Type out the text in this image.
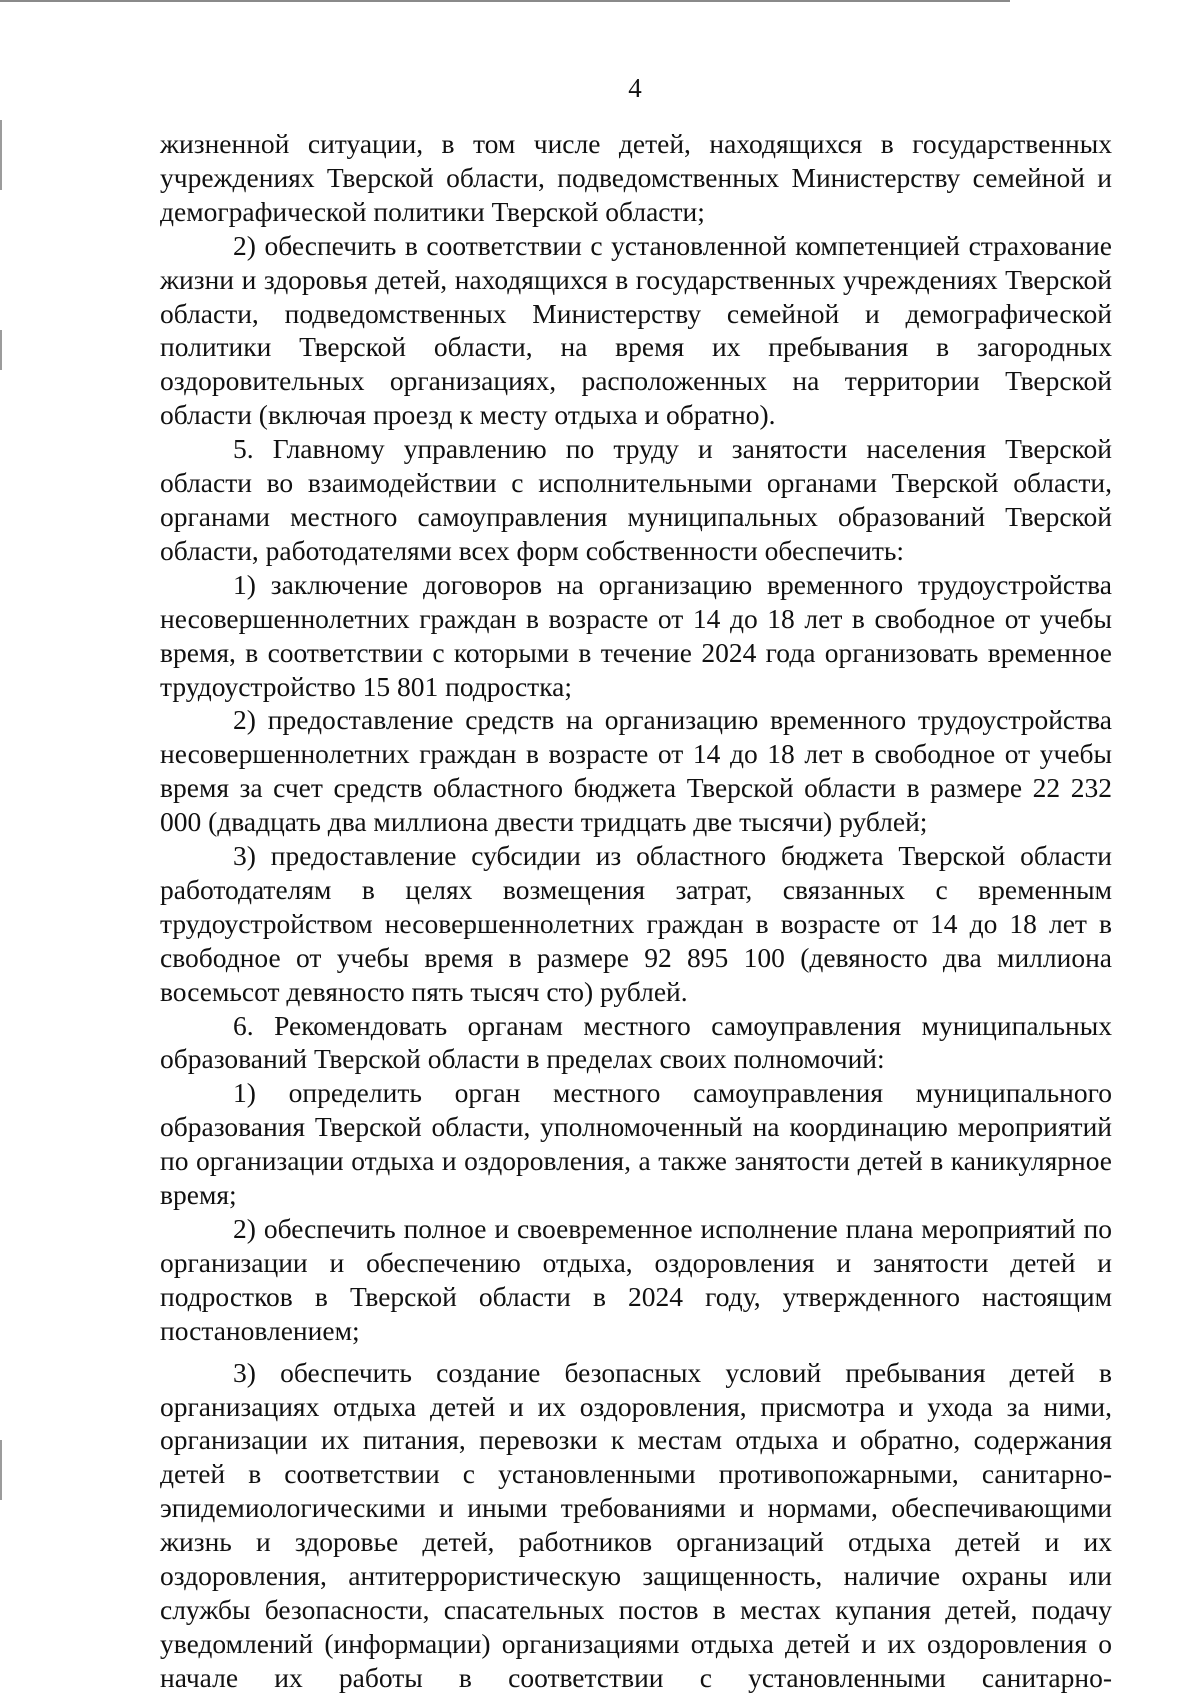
4

жизненной ситуации, в том числе детей, находящихся в государственных учреждениях Тверской области, подведомственных Министерству семейной и демографической политики Тверской области;

2) обеспечить в соответствии с установленной компетенцией страхование жизни и здоровья детей, находящихся в государственных учреждениях Тверской области, подведомственных Министерству семейной и демографической политики Тверской области, на время их пребывания в загородных оздоровительных организациях, расположенных на территории Тверской области (включая проезд к месту отдыха и обратно).

5. Главному управлению по труду и занятости населения Тверской области во взаимодействии с исполнительными органами Тверской области, органами местного самоуправления муниципальных образований Тверской области, работодателями всех форм собственности обеспечить:

1) заключение договоров на организацию временного трудоустройства несовершеннолетних граждан в возрасте от 14 до 18 лет в свободное от учебы время, в соответствии с которыми в течение 2024 года организовать временное трудоустройство 15 801 подростка;

2) предоставление средств на организацию временного трудоустройства несовершеннолетних граждан в возрасте от 14 до 18 лет в свободное от учебы время за счет средств областного бюджета Тверской области в размере 22 232 000 (двадцать два миллиона двести тридцать две тысячи) рублей;

3) предоставление субсидии из областного бюджета Тверской области работодателям в целях возмещения затрат, связанных с временным трудоустройством несовершеннолетних граждан в возрасте от 14 до 18 лет в свободное от учебы время в размере 92 895 100 (девяносто два миллиона восемьсот девяносто пять тысяч сто) рублей.

6. Рекомендовать органам местного самоуправления муниципальных образований Тверской области в пределах своих полномочий:

1) определить орган местного самоуправления муниципального образования Тверской области, уполномоченный на координацию мероприятий по организации отдыха и оздоровления, а также занятости детей в каникулярное время;

2) обеспечить полное и своевременное исполнение плана мероприятий по организации и обеспечению отдыха, оздоровления и занятости детей и подростков в Тверской области в 2024 году, утвержденного настоящим постановлением;

3) обеспечить создание безопасных условий пребывания детей в организациях отдыха детей и их оздоровления, присмотра и ухода за ними, организации их питания, перевозки к местам отдыха и обратно, содержания детей в соответствии с установленными противопожарными, санитарно-эпидемиологическими и иными требованиями и нормами, обеспечивающими жизнь и здоровье детей, работников организаций отдыха детей и их оздоровления, антитеррористическую защищенность, наличие охраны или службы безопасности, спасательных постов в местах купания детей, подачу уведомлений (информации) организациями отдыха детей и их оздоровления о начале их работы в соответствии с установленными санитарно-
